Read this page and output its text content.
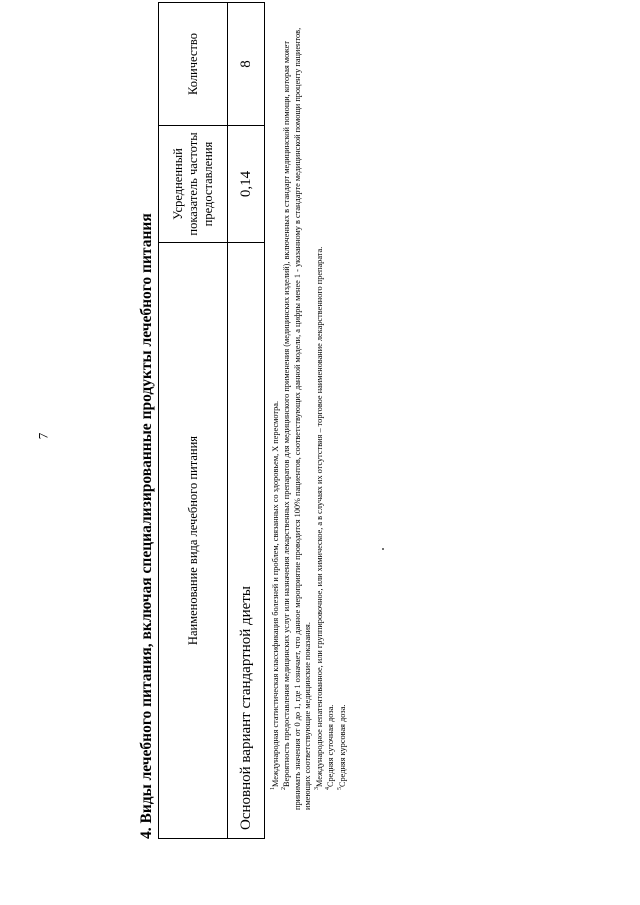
7	4. Виды лечебного питания, включая специализированные продукты лечебного питания Наименование вида лечебного питания	Усредненный показатель частоты предоставления	Количество
Основной вариант стандартной диеты	0,14	8

$^1$Международная статистическая классификация болезней и проблем, связанных со здоровьем, X пересмотра.

$^2$Вероятность предоставления медицинских услуг или назначения лекарственных препаратов для медицинского применения (медицинских изделий), включенных в стандарт медицинской помощи, которая может принимать значения от 0 до 1, где 1 означает, что данное мероприятие проводится 100% пациентов, соответствующих данной модели, а цифры менее 1 - указанному в стандарте медицинской помощи проценту пациентов, имеющих соответствующие медицинские показания. $^3$Международное непатентованное, или группировочное, или химическое, а в случаях их отсутствия – торговое наименование лекарственного препарата.

$^4$Средняя суточная доза.

$^5$Средняя курсовая доза.
